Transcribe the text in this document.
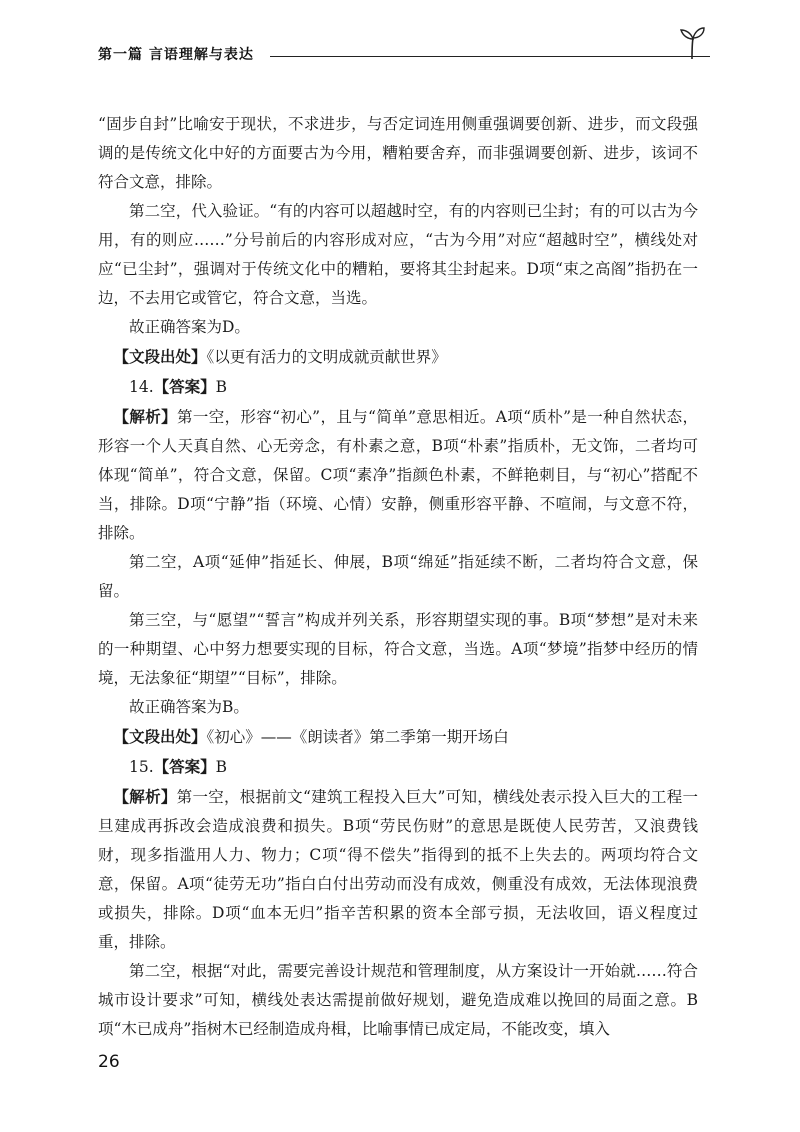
第一篇 言语理解与表达

“固步自封”比喻安于现状，不求进步，与否定词连用侧重强调要创新、进步，而文段强调的是传统文化中好的方面要古为今用，糟粕要舍弃，而非强调要创新、进步，该词不符合文意，排除。

第二空，代入验证。“有的内容可以超越时空，有的内容则已尘封；有的可以古为今用，有的则应……”分号前后的内容形成对应，“古为今用”对应“超越时空”，横线处对应“已尘封”，强调对于传统文化中的糟粕，要将其尘封起来。D项“束之高阁”指扔在一边，不去用它或管它，符合文意，当选。

故正确答案为D。

【文段出处】《以更有活力的文明成就贡献世界》

14.【答案】B

【解析】第一空，形容“初心”，且与“简单”意思相近。A项“质朴”是一种自然状态，形容一个人天真自然、心无旁念，有朴素之意，B项“朴素”指质朴，无文饰，二者均可体现“简单”，符合文意，保留。C项“素净”指颜色朴素，不鲜艳刺目，与“初心”搭配不当，排除。D项“宁静”指（环境、心情）安静，侧重形容平静、不喧闹，与文意不符，排除。

第二空，A项“延伸”指延长、伸展，B项“绵延”指延续不断，二者均符合文意，保留。

第三空，与“愿望”“誓言”构成并列关系，形容期望实现的事。B项“梦想”是对未来的一种期望、心中努力想要实现的目标，符合文意，当选。A项“梦境”指梦中经历的情境，无法象征“期望”“目标”，排除。

故正确答案为B。

【文段出处】《初心》——《朗读者》第二季第一期开场白

15.【答案】B

【解析】第一空，根据前文“建筑工程投入巨大”可知，横线处表示投入巨大的工程一旦建成再拆改会造成浪费和损失。B项“劳民伤财”的意思是既使人民劳苦，又浪费钱财，现多指滥用人力、物力；C项“得不偿失”指得到的抵不上失去的。两项均符合文意，保留。A项“徒劳无功”指白白付出劳动而没有成效，侧重没有成效，无法体现浪费或损失，排除。D项“血本无归”指辛苦积累的资本全部亏损，无法收回，语义程度过重，排除。

第二空，根据“对此，需要完善设计规范和管理制度，从方案设计一开始就……符合城市设计要求”可知，横线处表达需提前做好规划，避免造成难以挽回的局面之意。B项“木已成舟”指树木已经制造成舟楫，比喻事情已成定局，不能改变，填入

26
